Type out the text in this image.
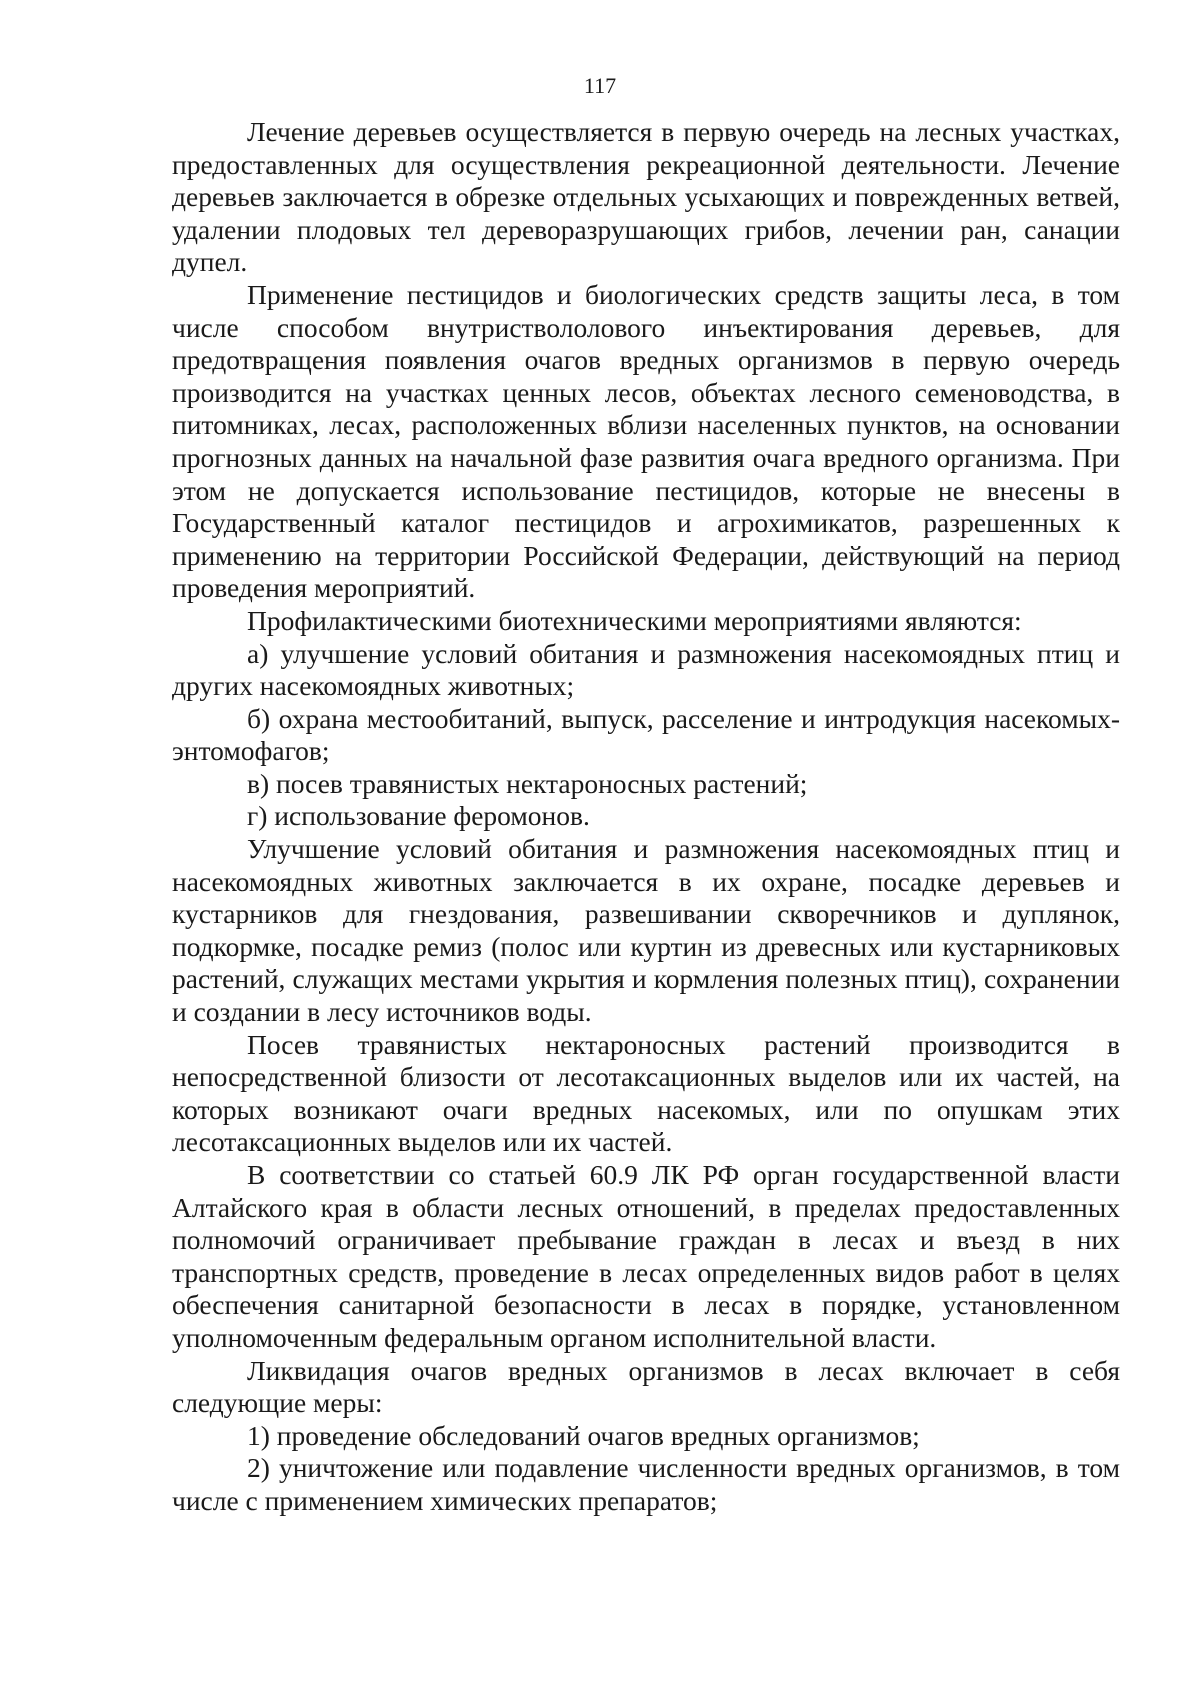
117

Лечение деревьев осуществляется в первую очередь на лесных участках, предоставленных для осуществления рекреационной деятельности. Лечение деревьев заключается в обрезке отдельных усыхающих и поврежденных ветвей, удалении плодовых тел дереворазрушающих грибов, лечении ран, санации дупел.

Применение пестицидов и биологических средств защиты леса, в том числе способом внутриствололового инъектирования деревьев, для предотвращения появления очагов вредных организмов в первую очередь производится на участках ценных лесов, объектах лесного семеноводства, в питомниках, лесах, расположенных вблизи населенных пунктов, на основании прогнозных данных на начальной фазе развития очага вредного организма. При этом не допускается использование пестицидов, которые не внесены в Государственный каталог пестицидов и агрохимикатов, разрешенных к применению на территории Российской Федерации, действующий на период проведения мероприятий.

Профилактическими биотехническими мероприятиями являются:

а) улучшение условий обитания и размножения насекомоядных птиц и других насекомоядных животных;

б) охрана местообитаний, выпуск, расселение и интродукция насекомых-энтомофагов;

в) посев травянистых нектароносных растений;

г) использование феромонов.

Улучшение условий обитания и размножения насекомоядных птиц и насекомоядных животных заключается в их охране, посадке деревьев и кустарников для гнездования, развешивании скворечников и дуплянок, подкормке, посадке ремиз (полос или куртин из древесных или кустарниковых растений, служащих местами укрытия и кормления полезных птиц), сохранении и создании в лесу источников воды.

Посев травянистых нектароносных растений производится в непосредственной близости от лесотаксационных выделов или их частей, на которых возникают очаги вредных насекомых, или по опушкам этих лесотаксационных выделов или их частей.

В соответствии со статьей 60.9 ЛК РФ орган государственной власти Алтайского края в области лесных отношений, в пределах предоставленных полномочий ограничивает пребывание граждан в лесах и въезд в них транспортных средств, проведение в лесах определенных видов работ в целях обеспечения санитарной безопасности в лесах в порядке, установленном уполномоченным федеральным органом исполнительной власти.

Ликвидация очагов вредных организмов в лесах включает в себя следующие меры:

1) проведение обследований очагов вредных организмов;

2) уничтожение или подавление численности вредных организмов, в том числе с применением химических препаратов;
